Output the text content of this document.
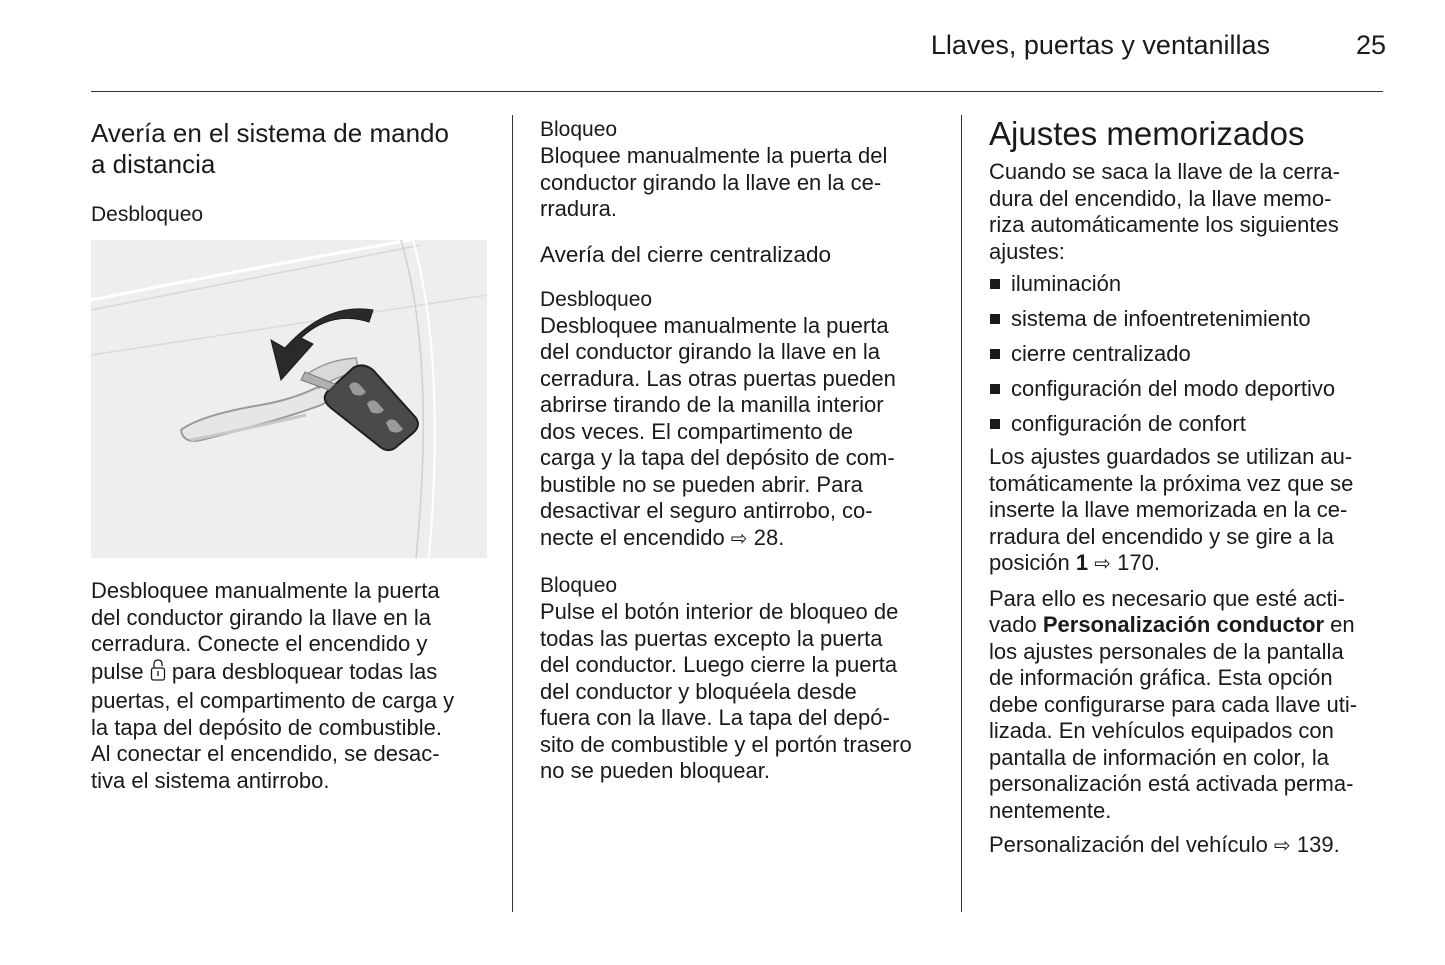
Llaves, puertas y ventanillas	25

Avería en el sistema de mando
a distancia

Desbloqueo

Desbloquee manualmente la puerta
del conductor girando la llave en la
cerradura. Conecte el encendido y
pulse para desbloquear todas las
puertas, el compartimento de carga y
la tapa del depósito de combustible.
Al conectar el encendido, se desac-
tiva el sistema antirrobo.

Bloqueo

Bloquee manualmente la puerta del
conductor girando la llave en la ce-
rradura.

Avería del cierre centralizado

Desbloqueo

Desbloquee manualmente la puerta
del conductor girando la llave en la
cerradura. Las otras puertas pueden
abrirse tirando de la manilla interior
dos veces. El compartimento de
carga y la tapa del depósito de com-
bustible no se pueden abrir. Para
desactivar el seguro antirrobo, co-
necte el encendido ⇨ 28.

Bloqueo

Pulse el botón interior de bloqueo de
todas las puertas excepto la puerta
del conductor. Luego cierre la puerta
del conductor y bloquéela desde
fuera con la llave. La tapa del depó-
sito de combustible y el portón trasero
no se pueden bloquear.

Ajustes memorizados

Cuando se saca la llave de la cerra-
dura del encendido, la llave memo-
riza automáticamente los siguientes
ajustes:

iluminación
sistema de infoentretenimiento
cierre centralizado
configuración del modo deportivo
configuración de confort

Los ajustes guardados se utilizan au-
tomáticamente la próxima vez que se
inserte la llave memorizada en la ce-
rradura del encendido y se gire a la
posición 1 ⇨ 170.

Para ello es necesario que esté acti-
vado Personalización conductor en
los ajustes personales de la pantalla
de información gráfica. Esta opción
debe configurarse para cada llave uti-
lizada. En vehículos equipados con
pantalla de información en color, la
personalización está activada perma-
nentemente.

Personalización del vehículo ⇨ 139.
